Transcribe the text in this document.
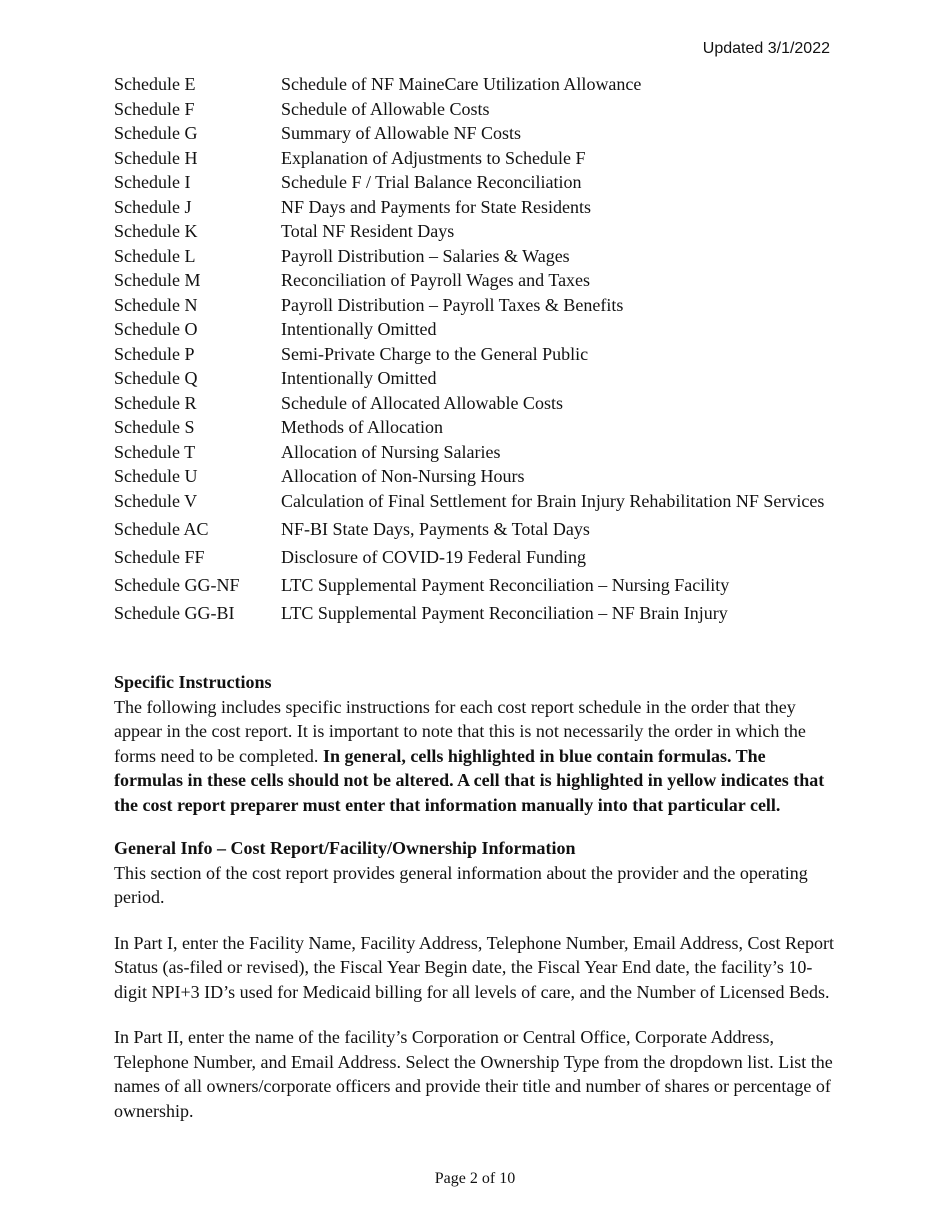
Updated 3/1/2022
Schedule E	Schedule of NF MaineCare Utilization Allowance
Schedule F	Schedule of Allowable Costs
Schedule G	Summary of Allowable NF Costs
Schedule H	Explanation of Adjustments to Schedule F
Schedule I	Schedule F / Trial Balance Reconciliation
Schedule J	NF Days and Payments for State Residents
Schedule K	Total NF Resident Days
Schedule L	Payroll Distribution – Salaries & Wages
Schedule M	Reconciliation of Payroll Wages and Taxes
Schedule N	Payroll Distribution – Payroll Taxes & Benefits
Schedule O	Intentionally Omitted
Schedule P	Semi-Private Charge to the General Public
Schedule Q	Intentionally Omitted
Schedule R	Schedule of Allocated Allowable Costs
Schedule S	Methods of Allocation
Schedule T	Allocation of Nursing Salaries
Schedule U	Allocation of Non-Nursing Hours
Schedule V	Calculation of Final Settlement for Brain Injury Rehabilitation NF Services
Schedule AC	NF-BI State Days, Payments & Total Days
Schedule FF	Disclosure of COVID-19 Federal Funding
Schedule GG-NF	LTC Supplemental Payment Reconciliation – Nursing Facility
Schedule GG-BI	LTC Supplemental Payment Reconciliation – NF Brain Injury
Specific Instructions

The following includes specific instructions for each cost report schedule in the order that they appear in the cost report. It is important to note that this is not necessarily the order in which the forms need to be completed. In general, cells highlighted in blue contain formulas. The formulas in these cells should not be altered. A cell that is highlighted in yellow indicates that the cost report preparer must enter that information manually into that particular cell.

General Info – Cost Report/Facility/Ownership Information

This section of the cost report provides general information about the provider and the operating period.

In Part I, enter the Facility Name, Facility Address, Telephone Number, Email Address, Cost Report Status (as-filed or revised), the Fiscal Year Begin date, the Fiscal Year End date, the facility’s 10-digit NPI+3 ID’s used for Medicaid billing for all levels of care, and the Number of Licensed Beds.

In Part II, enter the name of the facility’s Corporation or Central Office, Corporate Address, Telephone Number, and Email Address. Select the Ownership Type from the dropdown list. List the names of all owners/corporate officers and provide their title and number of shares or percentage of ownership.

Page 2 of 10
